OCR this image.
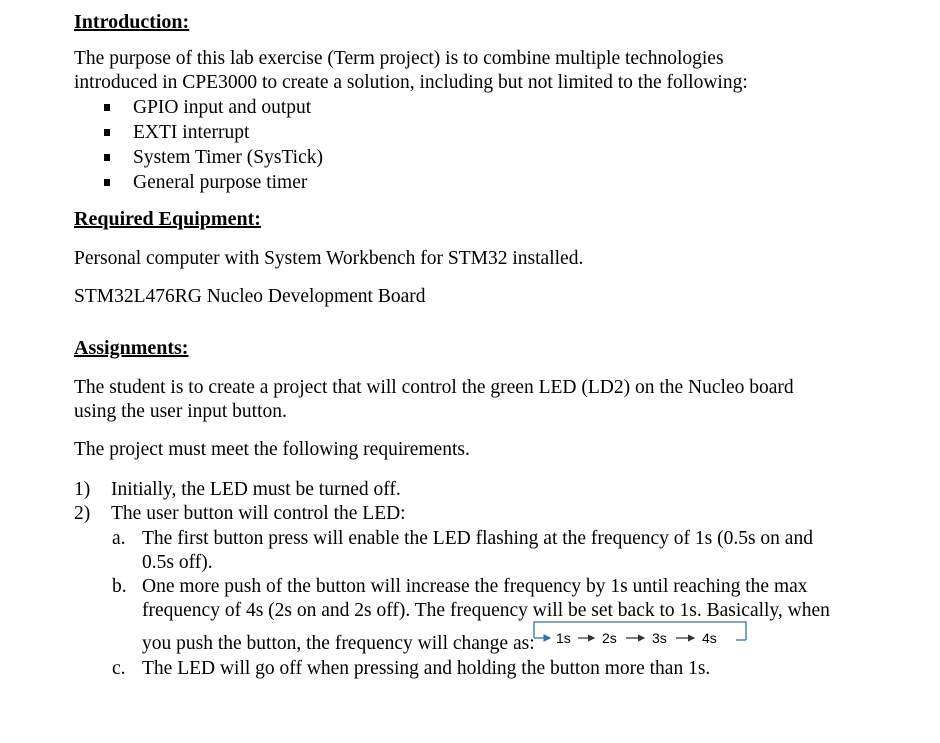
Introduction:
The purpose of this lab exercise (Term project) is to combine multiple technologies
introduced in CPE3000 to create a solution, including but not limited to the following:
GPIO input and output
EXTI interrupt
System Timer (SysTick)
General purpose timer
Required Equipment:
Personal computer with System Workbench for STM32 installed.
STM32L476RG Nucleo Development Board
Assignments:
The student is to create a project that will control the green LED (LD2) on the Nucleo board
using the user input button.
The project must meet the following requirements.
1) Initially, the LED must be turned off.
2) The user button will control the LED:
a. The first button press will enable the LED flashing at the frequency of 1s (0.5s on and
0.5s off).
b. One more push of the button will increase the frequency by 1s until reaching the max
frequency of 4s (2s on and 2s off). The frequency will be set back to 1s. Basically, when
you push the button, the frequency will change as: 1s 2s	3s	4s
c. The LED will go off when pressing and holding the button more than 1s.
